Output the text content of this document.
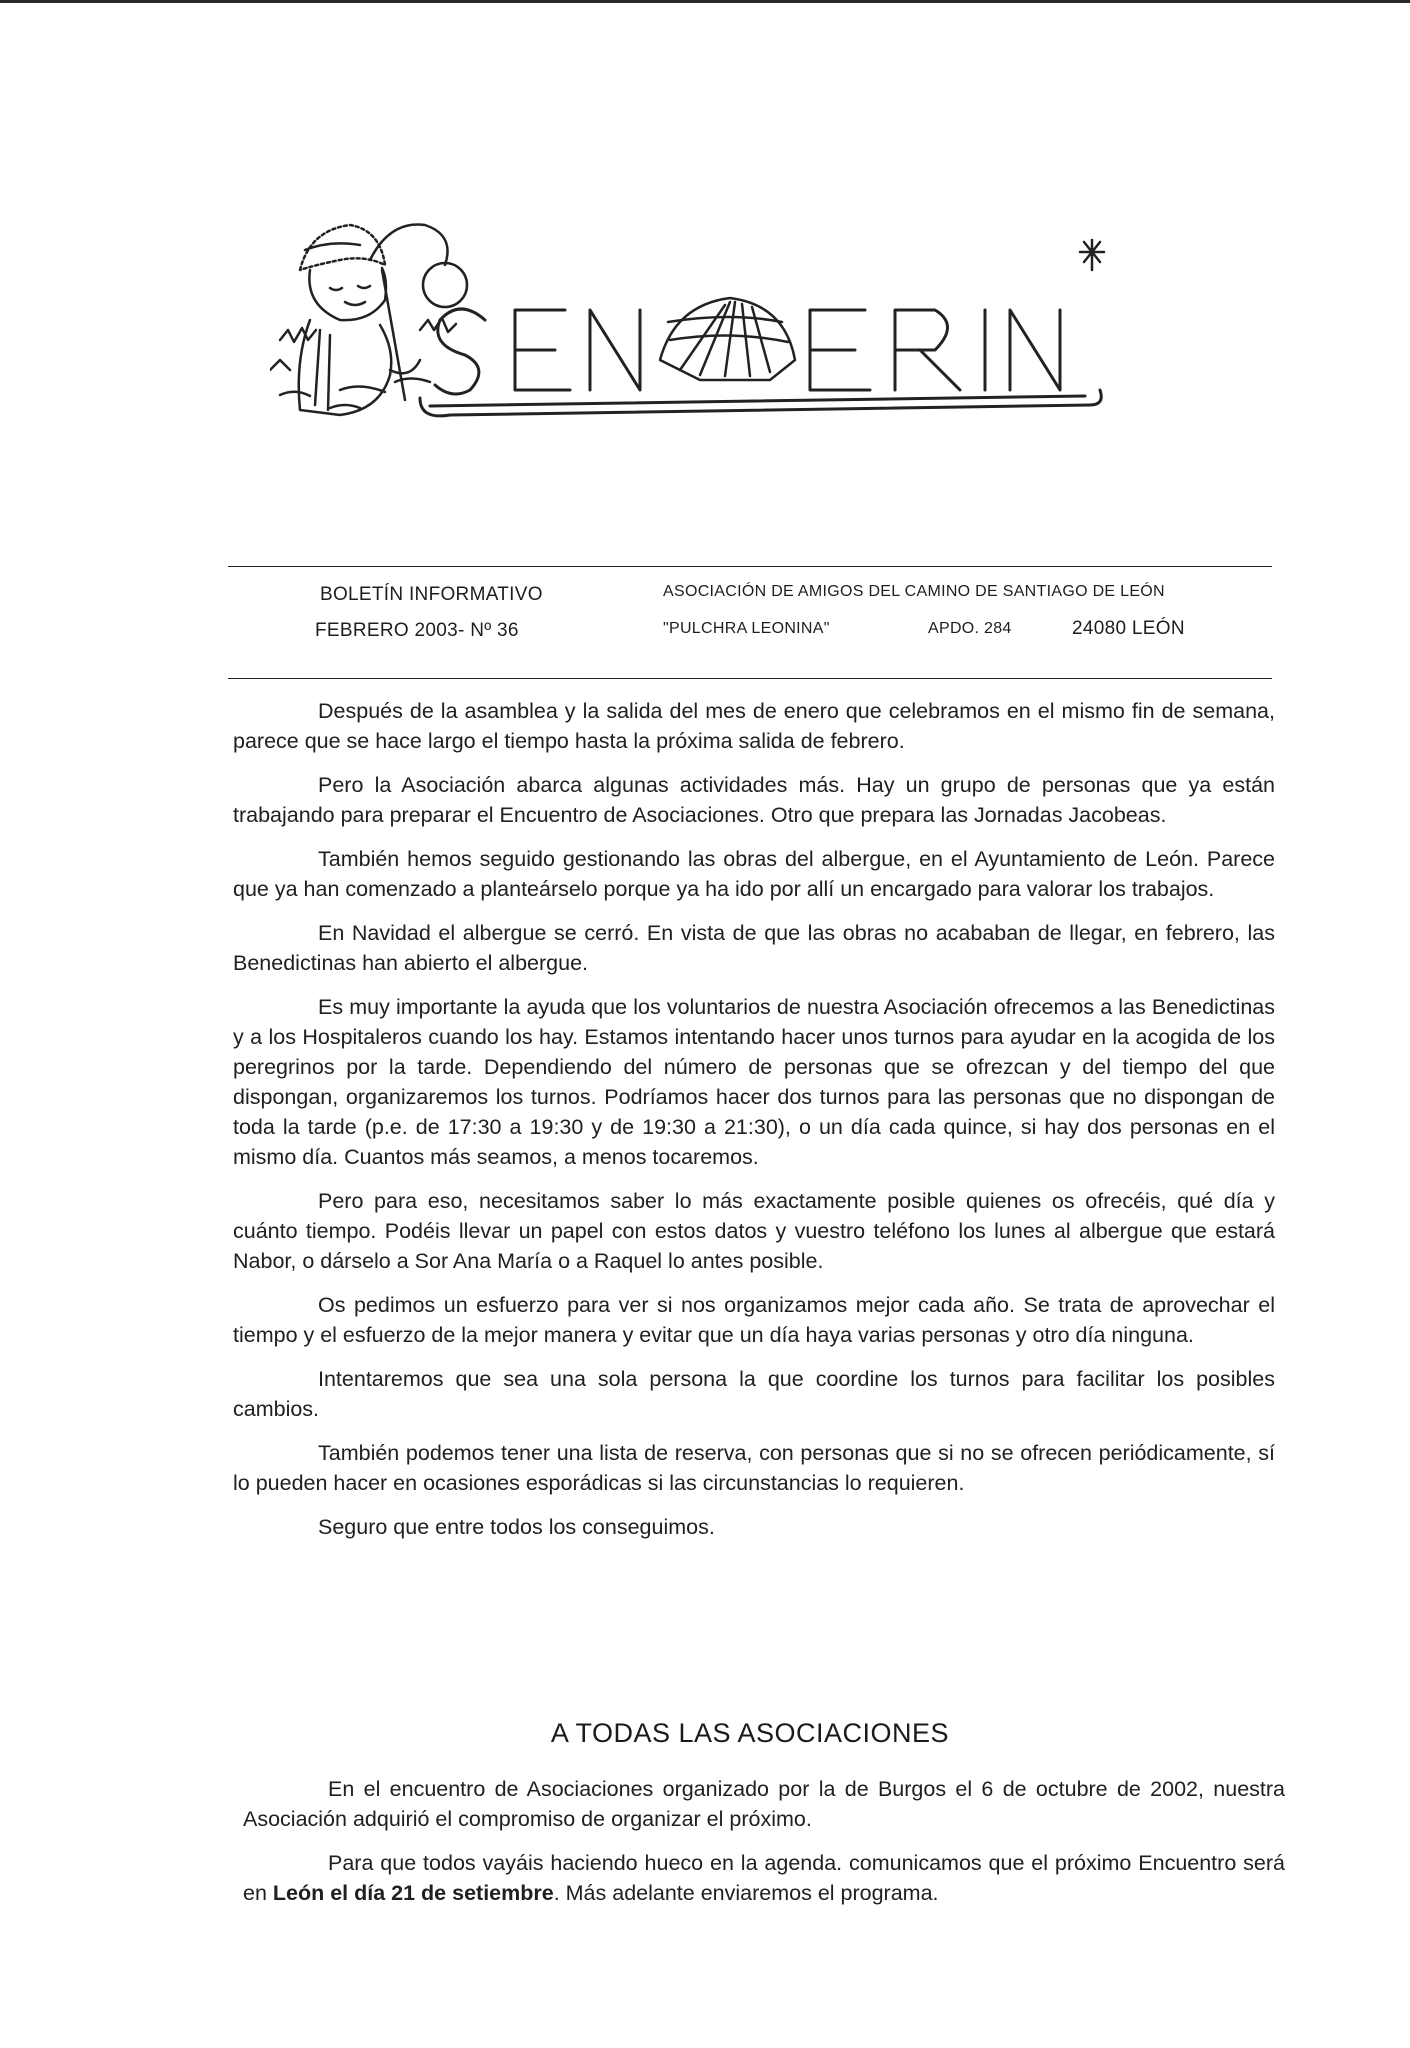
BOLETÍN INFORMATIVO	ASOCIACIÓN DE AMIGOS DEL CAMINO DE SANTIAGO DE LEÓN
FEBRERO 2003- Nº 36	"PULCHRA LEONINA"	APDO. 284	24080 LEÓN

Después de la asamblea y la salida del mes de enero que celebramos en el mismo fin de semana, parece que se hace largo el tiempo hasta la próxima salida de febrero.

Pero la Asociación abarca algunas actividades más. Hay un grupo de personas que ya están trabajando para preparar el Encuentro de Asociaciones. Otro que prepara las Jornadas Jacobeas.

También hemos seguido gestionando las obras del albergue, en el Ayuntamiento de León. Parece que ya han comenzado a planteárselo porque ya ha ido por allí un encargado para valorar los trabajos.

En Navidad el albergue se cerró. En vista de que las obras no acababan de llegar, en febrero, las Benedictinas han abierto el albergue.

Es muy importante la ayuda que los voluntarios de nuestra Asociación ofrecemos a las Benedictinas y a los Hospitaleros cuando los hay. Estamos intentando hacer unos turnos para ayudar en la acogida de los peregrinos por la tarde. Dependiendo del número de personas que se ofrezcan y del tiempo del que dispongan, organizaremos los turnos. Podríamos hacer dos turnos para las personas que no dispongan de toda la tarde (p.e. de 17:30 a 19:30 y de 19:30 a 21:30), o un día cada quince, si hay dos personas en el mismo día. Cuantos más seamos, a menos tocaremos.

Pero para eso, necesitamos saber lo más exactamente posible quienes os ofrecéis, qué día y cuánto tiempo. Podéis llevar un papel con estos datos y vuestro teléfono los lunes al albergue que estará Nabor, o dárselo a Sor Ana María o a Raquel lo antes posible.

Os pedimos un esfuerzo para ver si nos organizamos mejor cada año. Se trata de aprovechar el tiempo y el esfuerzo de la mejor manera y evitar que un día haya varias personas y otro día ninguna.

Intentaremos que sea una sola persona la que coordine los turnos para facilitar los posibles cambios.

También podemos tener una lista de reserva, con personas que si no se ofrecen periódicamente, sí lo pueden hacer en ocasiones esporádicas si las circunstancias lo requieren.

Seguro que entre todos los conseguimos.

A TODAS LAS ASOCIACIONES

En el encuentro de Asociaciones organizado por la de Burgos el 6 de octubre de 2002, nuestra Asociación adquirió el compromiso de organizar el próximo.

Para que todos vayáis haciendo hueco en la agenda. comunicamos que el próximo Encuentro será en León el día 21 de setiembre. Más adelante enviaremos el programa.
